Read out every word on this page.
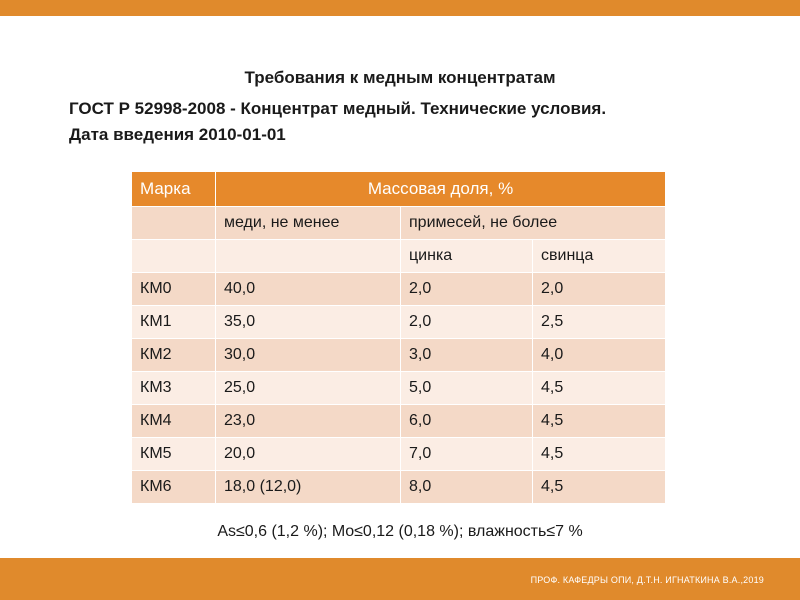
Требования к медным концентратам

ГОСТ Р 52998-2008 - Концентрат медный. Технические условия.

Дата введения 2010-01-01

Марка	Массовая доля, %		
	меди, не менее	примесей, не более	
		цинка	свинца
КМ0	40,0	2,0	2,0
КМ1	35,0	2,0	2,5
КМ2	30,0	3,0	4,0
КМ3	25,0	5,0	4,5
КМ4	23,0	6,0	4,5
КМ5	20,0	7,0	4,5
КМ6	18,0 (12,0)	8,0	4,5

As≤0,6 (1,2 %); Mo≤0,12 (0,18 %); влажность≤7 %

ПРОФ. КАФЕДРЫ ОПИ, Д.Т.Н. ИГНАТКИНА В.А.,2019
